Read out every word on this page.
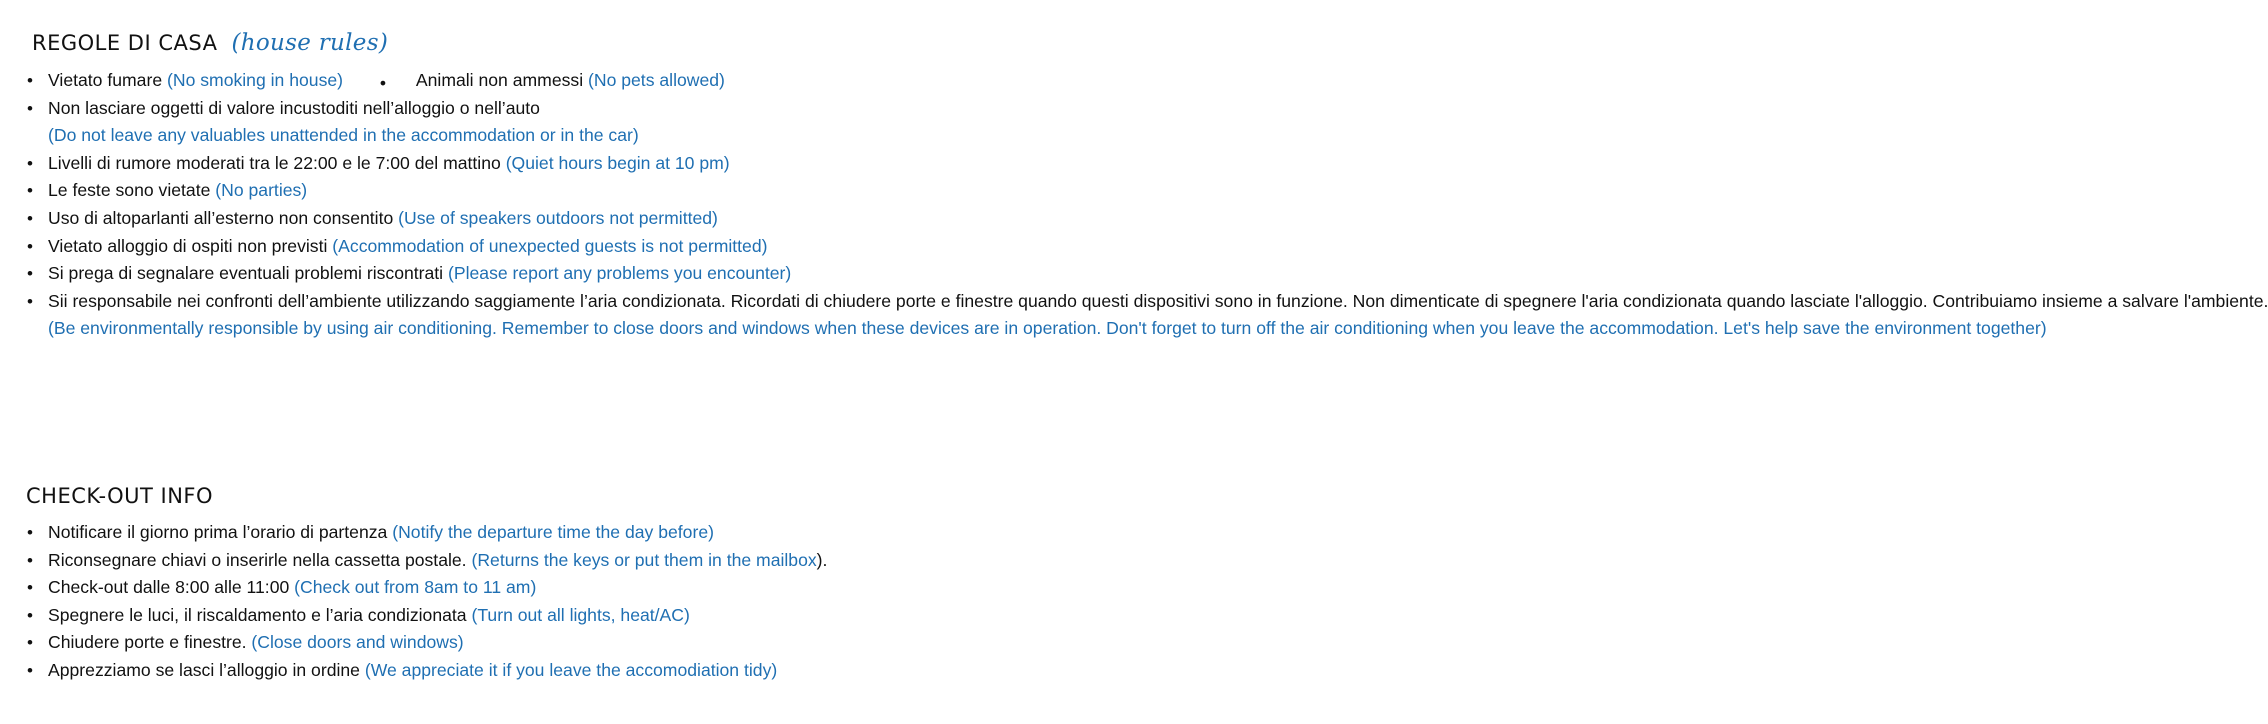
REGOLE DI CASA (house rules)
• Vietato fumare (No smoking in house) •	Animali non ammessi (No pets allowed)
• Non lasciare oggetti di valore incustoditi nell’alloggio o nell’auto
(Do not leave any valuables unattended in the accommodation or in the car)
• Livelli di rumore moderati tra le 22:00 e le 7:00 del mattino (Quiet hours begin at 10 pm)
• Le feste sono vietate (No parties)
• Uso di altoparlanti all’esterno non consentito (Use of speakers outdoors not permitted)
• Vietato alloggio di ospiti non previsti (Accommodation of unexpected guests is not permitted)
• Si prega di segnalare eventuali problemi riscontrati (Please report any problems you encounter)
• Sii responsabile nei confronti dell’ambiente utilizzando saggiamente l’aria condizionata. Ricordati di chiudere porte e finestre quando questi dispositivi sono in funzione. Non dimenticate di spegnere l'aria condizionata quando lasciate l'alloggio. Contribuiamo insieme a salvare l'ambiente.
(Be environmentally responsible by using air conditioning. Remember to close doors and windows when these devices are in operation. Don't forget to turn off the air conditioning when you leave the accommodation. Let's help save the environment together)
CHECK-OUT INFO
• Notificare il giorno prima l’orario di partenza (Notify the departure time the day before)
• Riconsegnare chiavi o inserirle nella cassetta postale. (Returns the keys or put them in the mailbox).
• Check-out dalle 8:00 alle 11:00 (Check out from 8am to 11 am)
• Spegnere le luci, il riscaldamento e l’aria condizionata (Turn out all lights, heat/AC)
• Chiudere porte e finestre. (Close doors and windows)
• Apprezziamo se lasci l’alloggio in ordine (We appreciate it if you leave the accomodiation tidy)
